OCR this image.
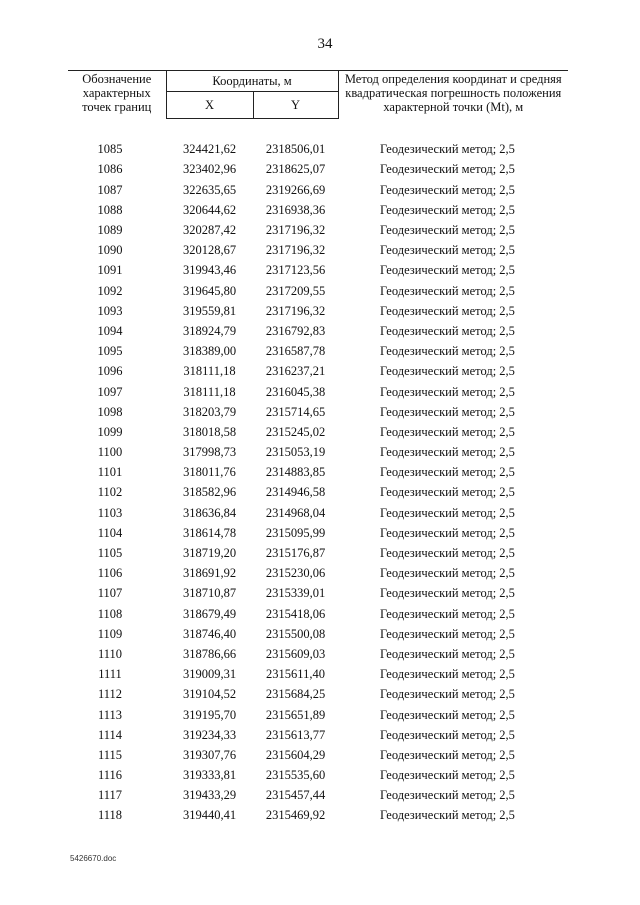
34
Обозначение характерных точек границ	Координаты, м		Метод определения координат и средняя квадратическая погрешность положения характерной точки (Mt), м
	X	Y	

1085	324421,62	2318506,01	Геодезический метод; 2,5
1086	323402,96	2318625,07	Геодезический метод; 2,5
1087	322635,65	2319266,69	Геодезический метод; 2,5
1088	320644,62	2316938,36	Геодезический метод; 2,5
1089	320287,42	2317196,32	Геодезический метод; 2,5
1090	320128,67	2317196,32	Геодезический метод; 2,5
1091	319943,46	2317123,56	Геодезический метод; 2,5
1092	319645,80	2317209,55	Геодезический метод; 2,5
1093	319559,81	2317196,32	Геодезический метод; 2,5
1094	318924,79	2316792,83	Геодезический метод; 2,5
1095	318389,00	2316587,78	Геодезический метод; 2,5
1096	318111,18	2316237,21	Геодезический метод; 2,5
1097	318111,18	2316045,38	Геодезический метод; 2,5
1098	318203,79	2315714,65	Геодезический метод; 2,5
1099	318018,58	2315245,02	Геодезический метод; 2,5
1100	317998,73	2315053,19	Геодезический метод; 2,5
1101	318011,76	2314883,85	Геодезический метод; 2,5
1102	318582,96	2314946,58	Геодезический метод; 2,5
1103	318636,84	2314968,04	Геодезический метод; 2,5
1104	318614,78	2315095,99	Геодезический метод; 2,5
1105	318719,20	2315176,87	Геодезический метод; 2,5
1106	318691,92	2315230,06	Геодезический метод; 2,5
1107	318710,87	2315339,01	Геодезический метод; 2,5
1108	318679,49	2315418,06	Геодезический метод; 2,5
1109	318746,40	2315500,08	Геодезический метод; 2,5
1110	318786,66	2315609,03	Геодезический метод; 2,5
1111	319009,31	2315611,40	Геодезический метод; 2,5
1112	319104,52	2315684,25	Геодезический метод; 2,5
1113	319195,70	2315651,89	Геодезический метод; 2,5
1114	319234,33	2315613,77	Геодезический метод; 2,5
1115	319307,76	2315604,29	Геодезический метод; 2,5
1116	319333,81	2315535,60	Геодезический метод; 2,5
1117	319433,29	2315457,44	Геодезический метод; 2,5
1118	319440,41	2315469,92	Геодезический метод; 2,5
5426670.doc
